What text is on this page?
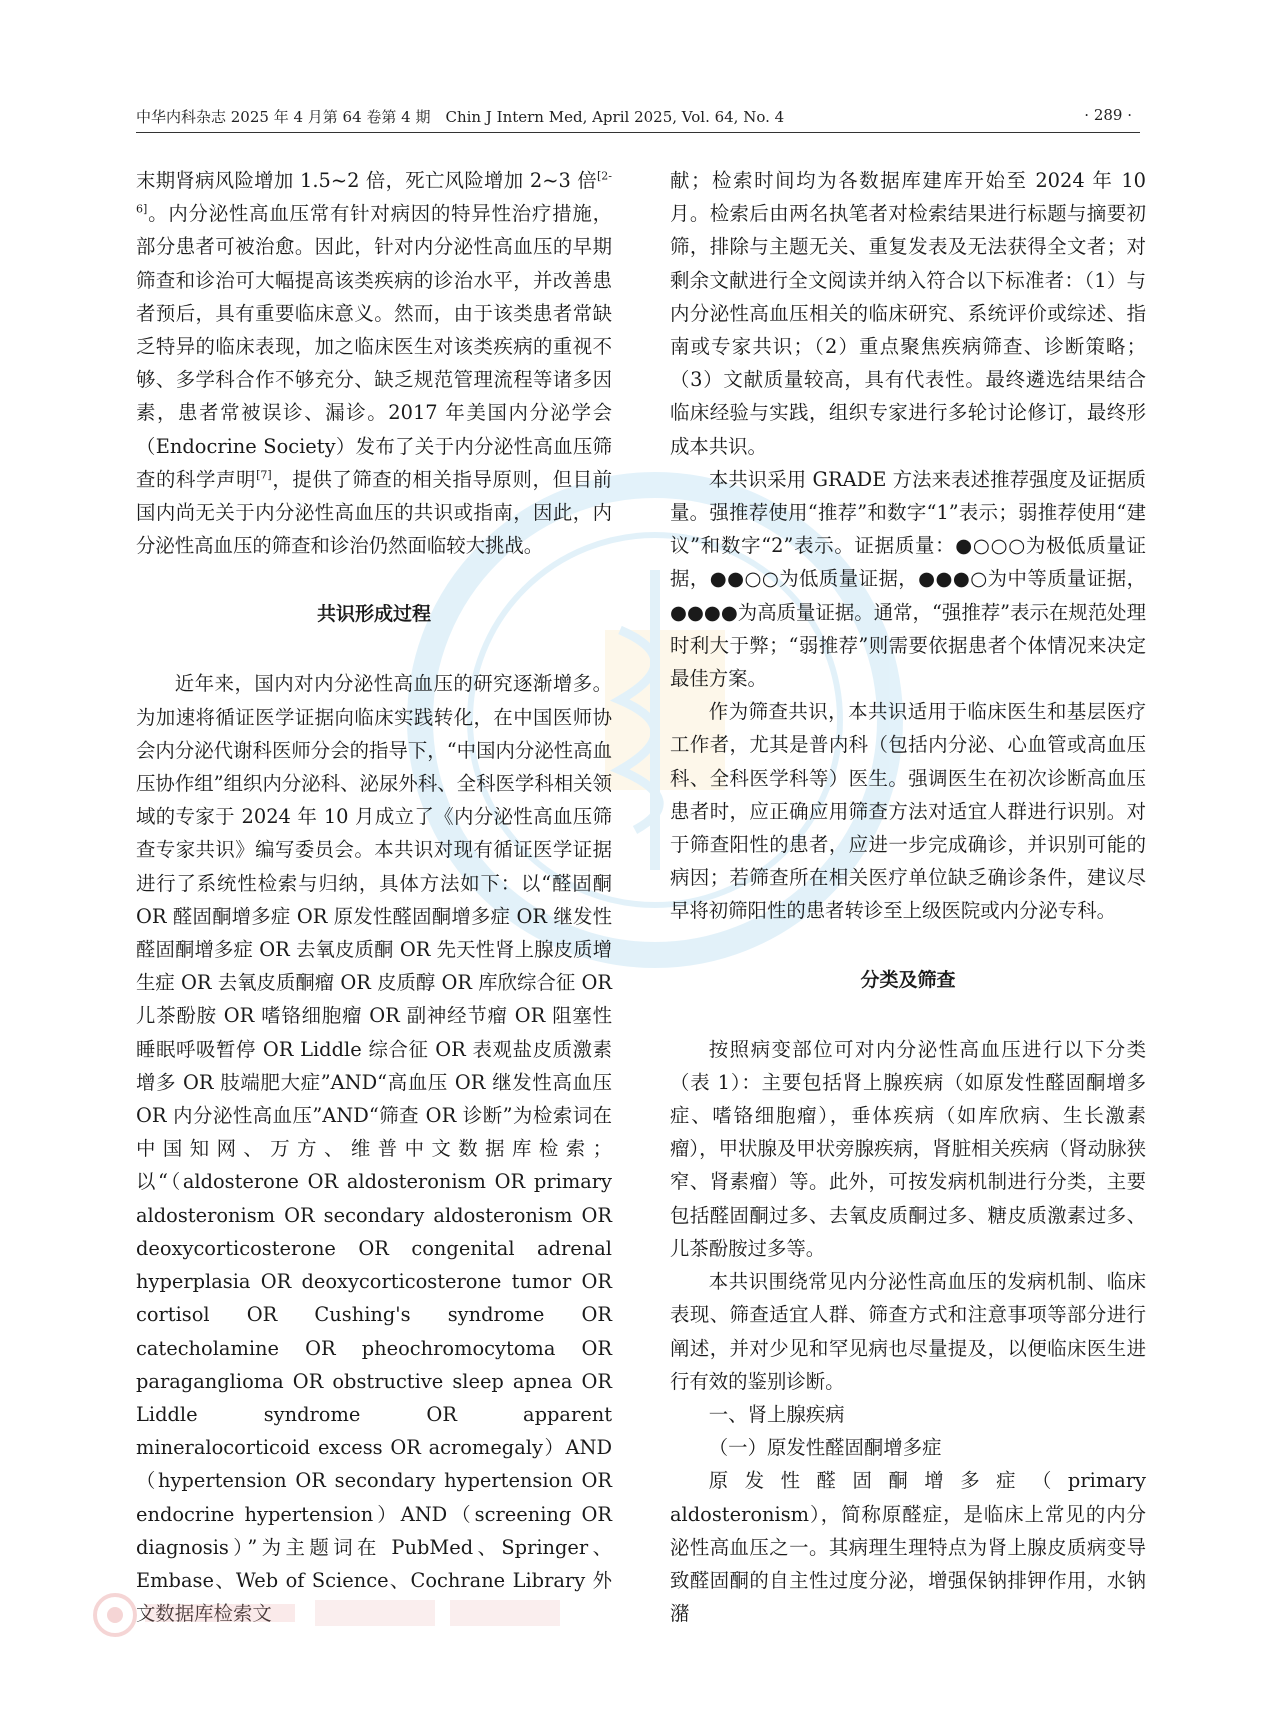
中华内科杂志 2025 年 4 月第 64 卷第 4 期　Chin J Intern Med, April 2025, Vol. 64, No. 4	· 289 ·

末期肾病风险增加 1.5~2 倍，死亡风险增加 2~3 倍[2-6]。内分泌性高血压常有针对病因的特异性治疗措施，部分患者可被治愈。因此，针对内分泌性高血压的早期筛查和诊治可大幅提高该类疾病的诊治水平，并改善患者预后，具有重要临床意义。然而，由于该类患者常缺乏特异的临床表现，加之临床医生对该类疾病的重视不够、多学科合作不够充分、缺乏规范管理流程等诸多因素，患者常被误诊、漏诊。2017 年美国内分泌学会（Endocrine Society）发布了关于内分泌性高血压筛查的科学声明[7]，提供了筛查的相关指导原则，但目前国内尚无关于内分泌性高血压的共识或指南，因此，内分泌性高血压的筛查和诊治仍然面临较大挑战。

共识形成过程

近年来，国内对内分泌性高血压的研究逐渐增多。为加速将循证医学证据向临床实践转化，在中国医师协会内分泌代谢科医师分会的指导下，“中国内分泌性高血压协作组”组织内分泌科、泌尿外科、全科医学科相关领域的专家于 2024 年 10 月成立了《内分泌性高血压筛查专家共识》编写委员会。本共识对现有循证医学证据进行了系统性检索与归纳，具体方法如下：以“醛固酮 OR 醛固酮增多症 OR 原发性醛固酮增多症 OR 继发性醛固酮增多症 OR 去氧皮质酮 OR 先天性肾上腺皮质增生症 OR 去氧皮质酮瘤 OR 皮质醇 OR 库欣综合征 OR 儿茶酚胺 OR 嗜铬细胞瘤 OR 副神经节瘤 OR 阻塞性睡眠呼吸暂停 OR Liddle 综合征 OR 表观盐皮质激素增多 OR 肢端肥大症”AND“高血压 OR 继发性高血压 OR 内分泌性高血压”AND“筛查 OR 诊断”为检索词在中国知网、万方、维普中文数据库检索；以“（aldosterone OR aldosteronism OR primary aldosteronism OR secondary aldosteronism OR deoxycorticosterone OR congenital adrenal hyperplasia OR deoxycorticosterone tumor OR cortisol OR Cushing's syndrome OR catecholamine OR pheochromocytoma OR paraganglioma OR obstructive sleep apnea OR Liddle syndrome OR apparent mineralocorticoid excess OR acromegaly）AND（hypertension OR secondary hypertension OR endocrine hypertension）AND（screening OR diagnosis）”为主题词在 PubMed、Springer、Embase、Web of Science、Cochrane Library 外文数据库检索文

献；检索时间均为各数据库建库开始至 2024 年 10 月。检索后由两名执笔者对检索结果进行标题与摘要初筛，排除与主题无关、重复发表及无法获得全文者；对剩余文献进行全文阅读并纳入符合以下标准者：（1）与内分泌性高血压相关的临床研究、系统评价或综述、指南或专家共识；（2）重点聚焦疾病筛查、诊断策略；（3）文献质量较高，具有代表性。最终遴选结果结合临床经验与实践，组织专家进行多轮讨论修订，最终形成本共识。

本共识采用 GRADE 方法来表述推荐强度及证据质量。强推荐使用“推荐”和数字“1”表示；弱推荐使用“建议”和数字“2”表示。证据质量：●○○○为极低质量证据，●●○○为低质量证据，●●●○为中等质量证据，●●●●为高质量证据。通常，“强推荐”表示在规范处理时利大于弊；“弱推荐”则需要依据患者个体情况来决定最佳方案。

作为筛查共识，本共识适用于临床医生和基层医疗工作者，尤其是普内科（包括内分泌、心血管或高血压科、全科医学科等）医生。强调医生在初次诊断高血压患者时，应正确应用筛查方法对适宜人群进行识别。对于筛查阳性的患者，应进一步完成确诊，并识别可能的病因；若筛查所在相关医疗单位缺乏确诊条件，建议尽早将初筛阳性的患者转诊至上级医院或内分泌专科。

分类及筛查

按照病变部位可对内分泌性高血压进行以下分类（表 1）：主要包括肾上腺疾病（如原发性醛固酮增多症、嗜铬细胞瘤），垂体疾病（如库欣病、生长激素瘤），甲状腺及甲状旁腺疾病，肾脏相关疾病（肾动脉狭窄、肾素瘤）等。此外，可按发病机制进行分类，主要包括醛固酮过多、去氧皮质酮过多、糖皮质激素过多、儿茶酚胺过多等。

本共识围绕常见内分泌性高血压的发病机制、临床表现、筛查适宜人群、筛查方式和注意事项等部分进行阐述，并对少见和罕见病也尽量提及，以便临床医生进行有效的鉴别诊断。

一、肾上腺疾病

（一）原发性醛固酮增多症

原发性醛固酮增多症（primary aldosteronism），简称原醛症，是临床上常见的内分泌性高血压之一。其病理生理特点为肾上腺皮质病变导致醛固酮的自主性过度分泌，增强保钠排钾作用，水钠潴
